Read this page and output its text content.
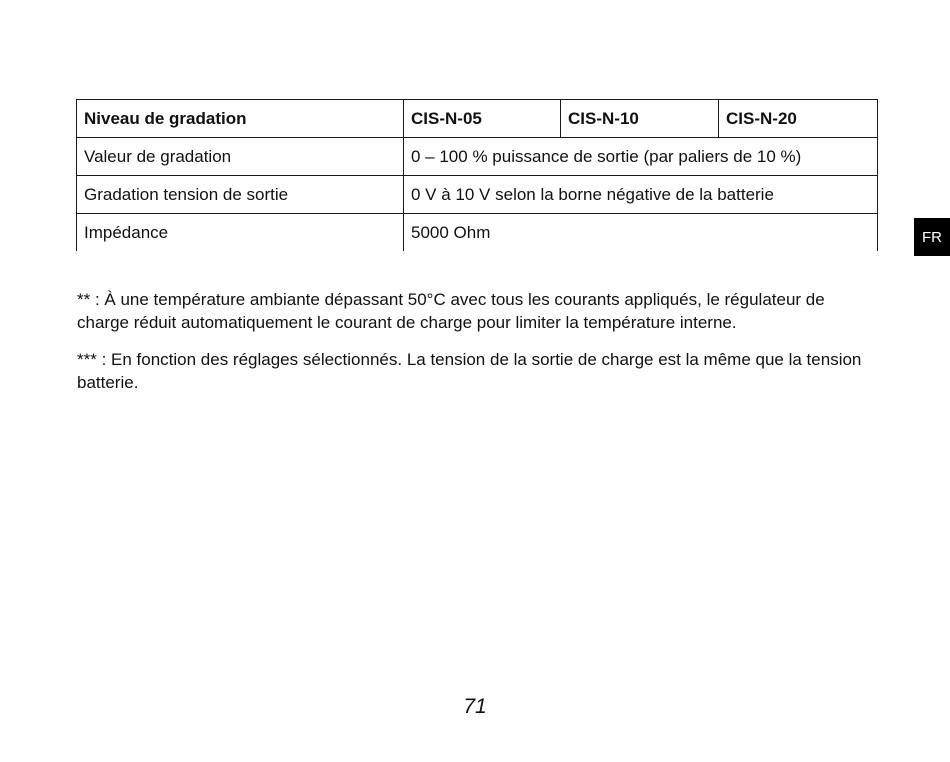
Niveau de gradation	CIS-N-05	CIS-N-10	CIS-N-20
Valeur de gradation	0 – 100 % puissance de sortie (par paliers de 10 %)		
Gradation tension de sortie	0 V à 10 V selon la borne négative de la batterie		
Impédance	5000 Ohm		

** : À une température ambiante dépassant 50°C avec tous les courants appliqués, le régulateur de charge réduit automatiquement le courant de charge pour limiter la température interne.

*** : En fonction des réglages sélectionnés. La tension de la sortie de charge est la même que la tension batterie.

FR
71
